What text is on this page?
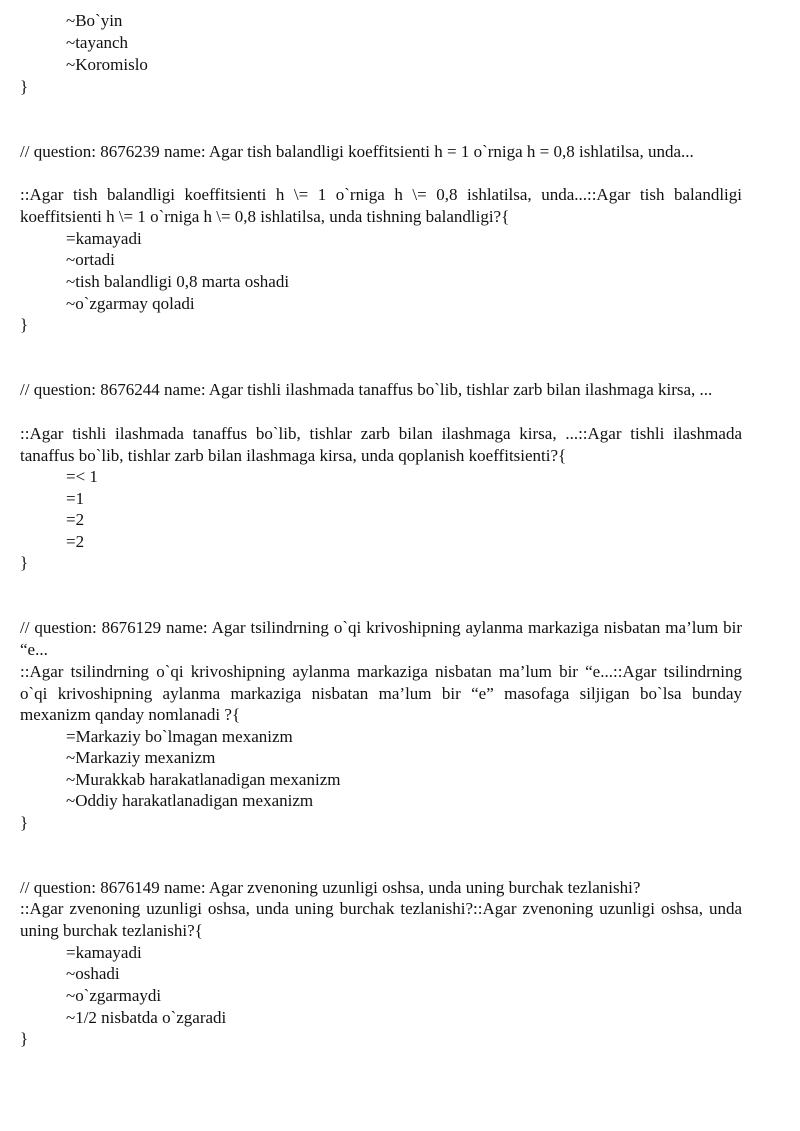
~Bo`yin
~tayanch
~Koromislo
}
// question: 8676239 name: Agar tish balandligi koeffitsienti h = 1 o`rniga h = 0,8 ishlatilsa, unda...
::Agar tish balandligi koeffitsienti h \= 1 o`rniga h \= 0,8 ishlatilsa, unda...::Agar tish balandligi koeffitsienti h \= 1 o`rniga h \= 0,8 ishlatilsa, unda tishning balandligi?{
=kamayadi
~ortadi
~tish balandligi 0,8 marta oshadi
~o`zgarmay qoladi
}
// question: 8676244 name: Agar tishli ilashmada tanaffus bo`lib, tishlar zarb bilan ilashmaga kirsa, ...
::Agar tishli ilashmada tanaffus bo`lib, tishlar zarb bilan ilashmaga kirsa, ...::Agar tishli ilashmada tanaffus bo`lib, tishlar zarb bilan ilashmaga kirsa, unda qoplanish koeffitsienti?{
=< 1
=1
=2
=2
}
// question: 8676129 name: Agar tsilindrning o`qi krivoshipning aylanma markaziga nisbatan ma’lum bir “e...
::Agar tsilindrning o`qi krivoshipning aylanma markaziga nisbatan ma’lum bir “e...::Agar tsilindrning o`qi krivoshipning aylanma markaziga nisbatan ma’lum bir “e” masofaga siljigan bo`lsa bunday mexanizm qanday nomlanadi ?{
=Markaziy bo`lmagan mexanizm
~Markaziy mexanizm
~Murakkab harakatlanadigan mexanizm
~Oddiy harakatlanadigan mexanizm
}
// question: 8676149 name: Agar zvenoning uzunligi oshsa, unda uning burchak tezlanishi?
::Agar zvenoning uzunligi oshsa, unda uning burchak tezlanishi?::Agar zvenoning uzunligi oshsa, unda uning burchak tezlanishi?{
=kamayadi
~oshadi
~o`zgarmaydi
~1/2 nisbatda o`zgaradi
}
